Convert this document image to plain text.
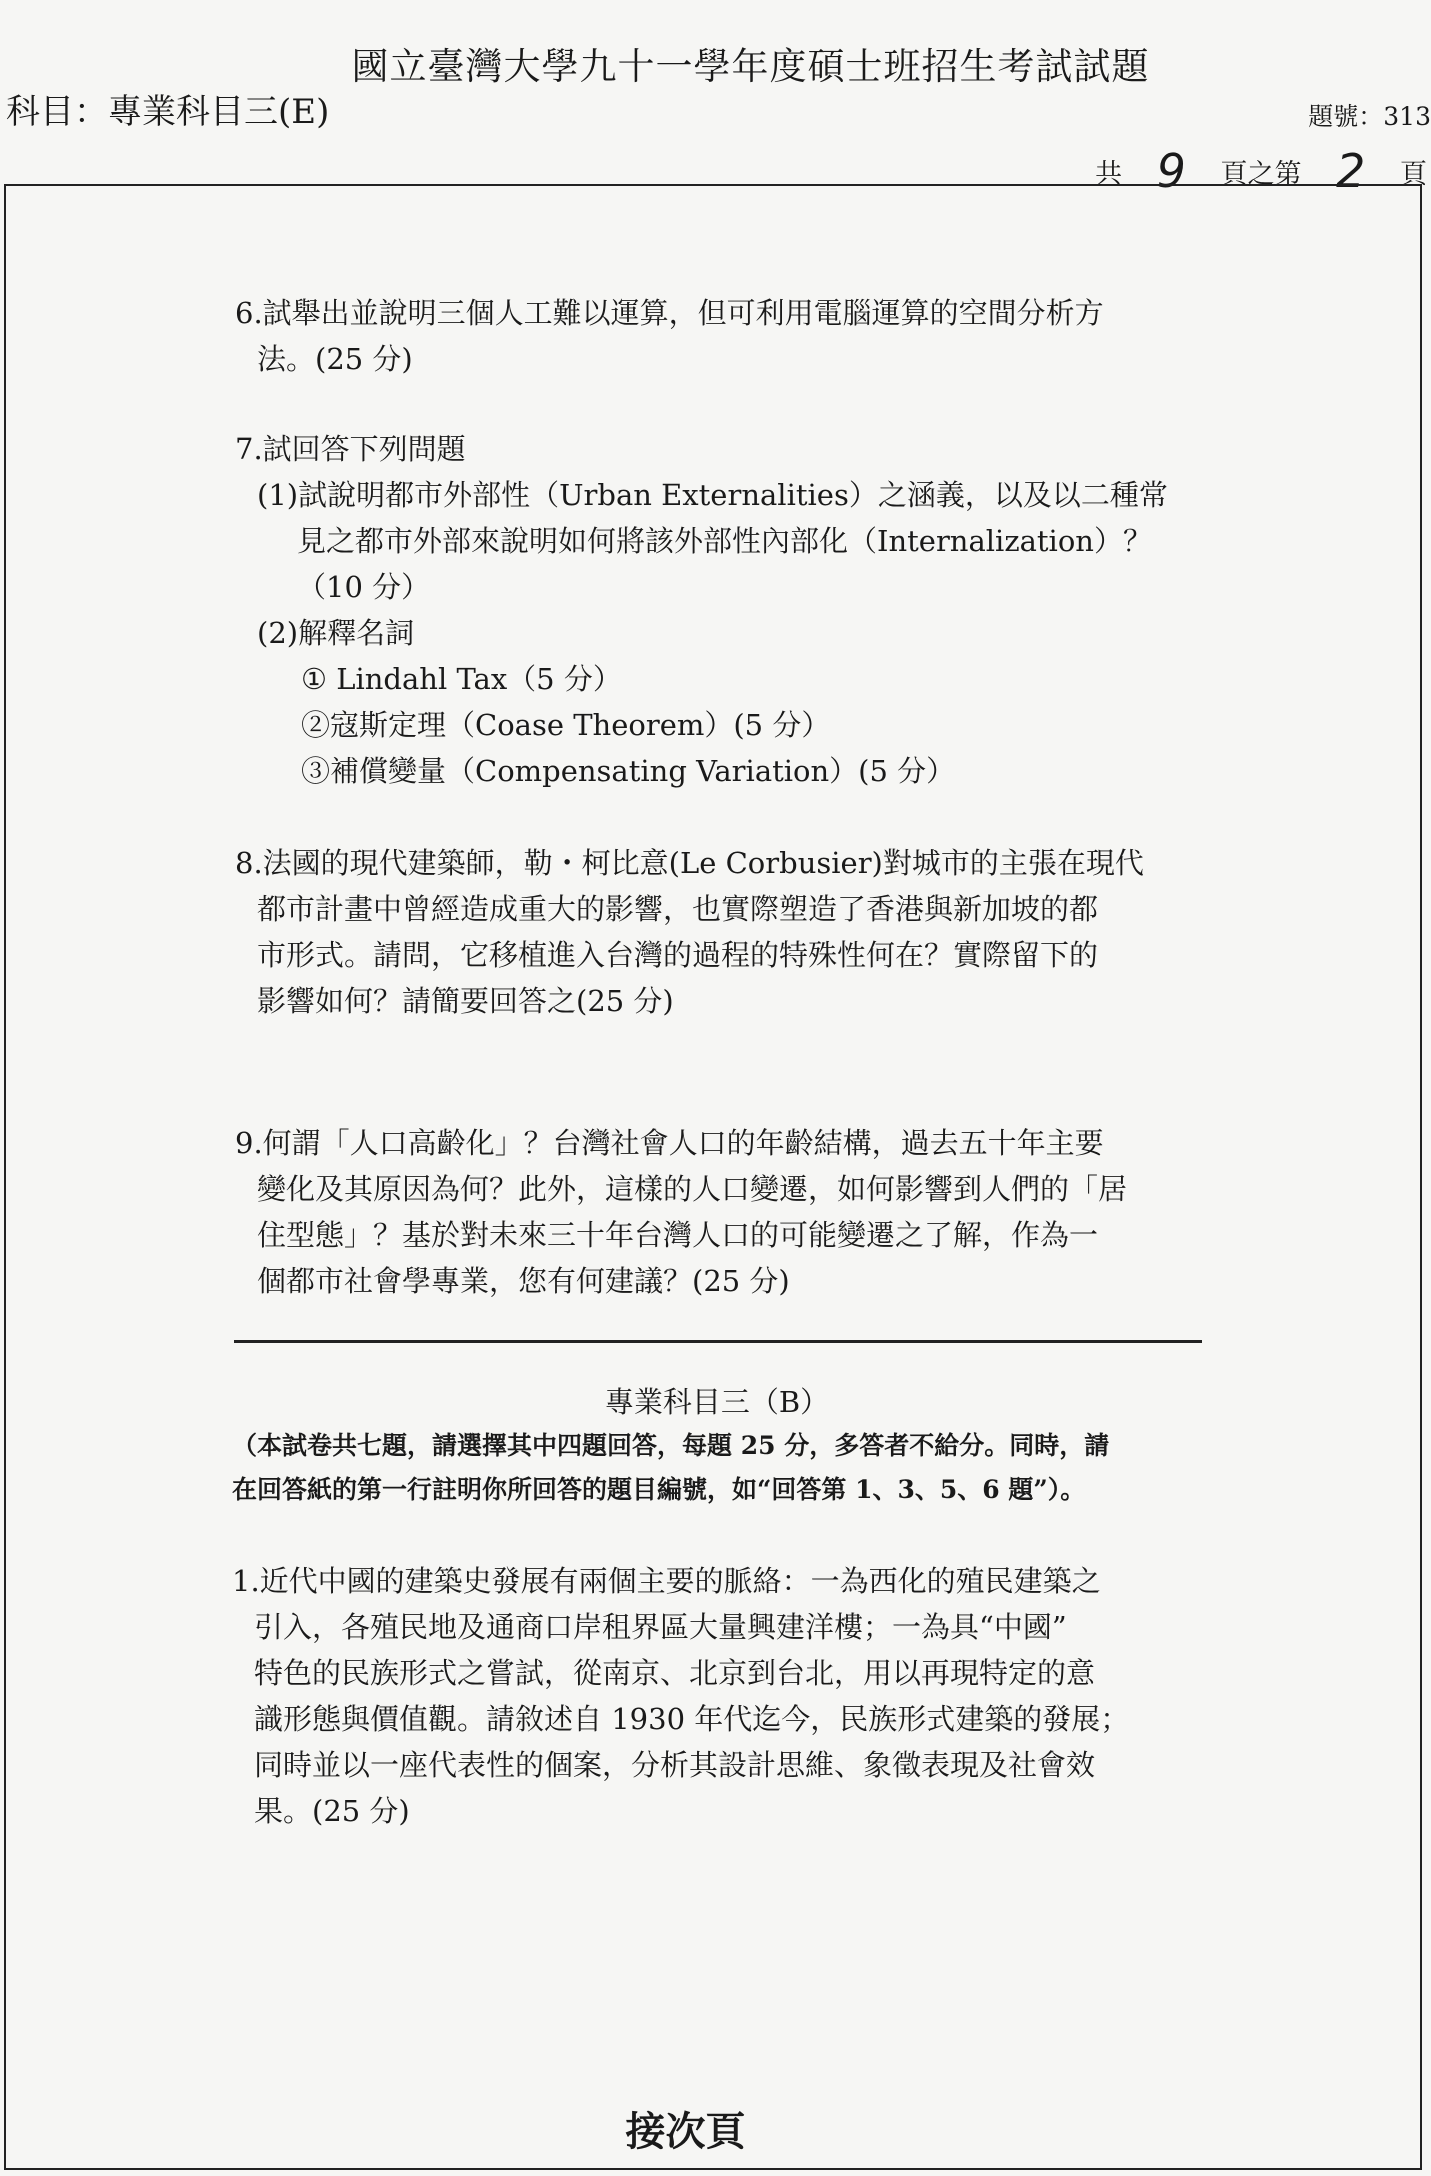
國立臺灣大學九十一學年度碩士班招生考試試題
科目：專業科目三(E)	題號：313
共 9 頁之第 2 頁
6.試舉出並說明三個人工難以運算，但可利用電腦運算的空間分析方
法。(25 分)
7.試回答下列問題
(1)試說明都市外部性（Urban Externalities）之涵義，以及以二種常
見之都市外部來說明如何將該外部性內部化（Internalization）？
（10 分）
(2)解釋名詞
① Lindahl Tax（5 分）
②寇斯定理（Coase Theorem）(5 分）
③補償變量（Compensating Variation）(5 分）
8.法國的現代建築師，勒・柯比意(Le Corbusier)對城市的主張在現代
都市計畫中曾經造成重大的影響，也實際塑造了香港與新加坡的都
市形式。請問，它移植進入台灣的過程的特殊性何在？實際留下的
影響如何？請簡要回答之(25 分)
9.何謂「人口高齡化」？台灣社會人口的年齡結構，過去五十年主要
變化及其原因為何？此外，這樣的人口變遷，如何影響到人們的「居
住型態」？基於對未來三十年台灣人口的可能變遷之了解，作為一
個都市社會學專業，您有何建議？(25 分)

專業科目三（B）

（本試卷共七題，請選擇其中四題回答，每題 25 分，多答者不給分。同時，請
在回答紙的第一行註明你所回答的題目編號，如“回答第 1、3、5、6 題”）。

1.近代中國的建築史發展有兩個主要的脈絡：一為西化的殖民建築之
引入，各殖民地及通商口岸租界區大量興建洋樓；一為具“中國”
特色的民族形式之嘗試，從南京、北京到台北，用以再現特定的意
識形態與價值觀。請敘述自 1930 年代迄今，民族形式建築的發展；
同時並以一座代表性的個案，分析其設計思維、象徵表現及社會效
果。(25 分)
接次頁
